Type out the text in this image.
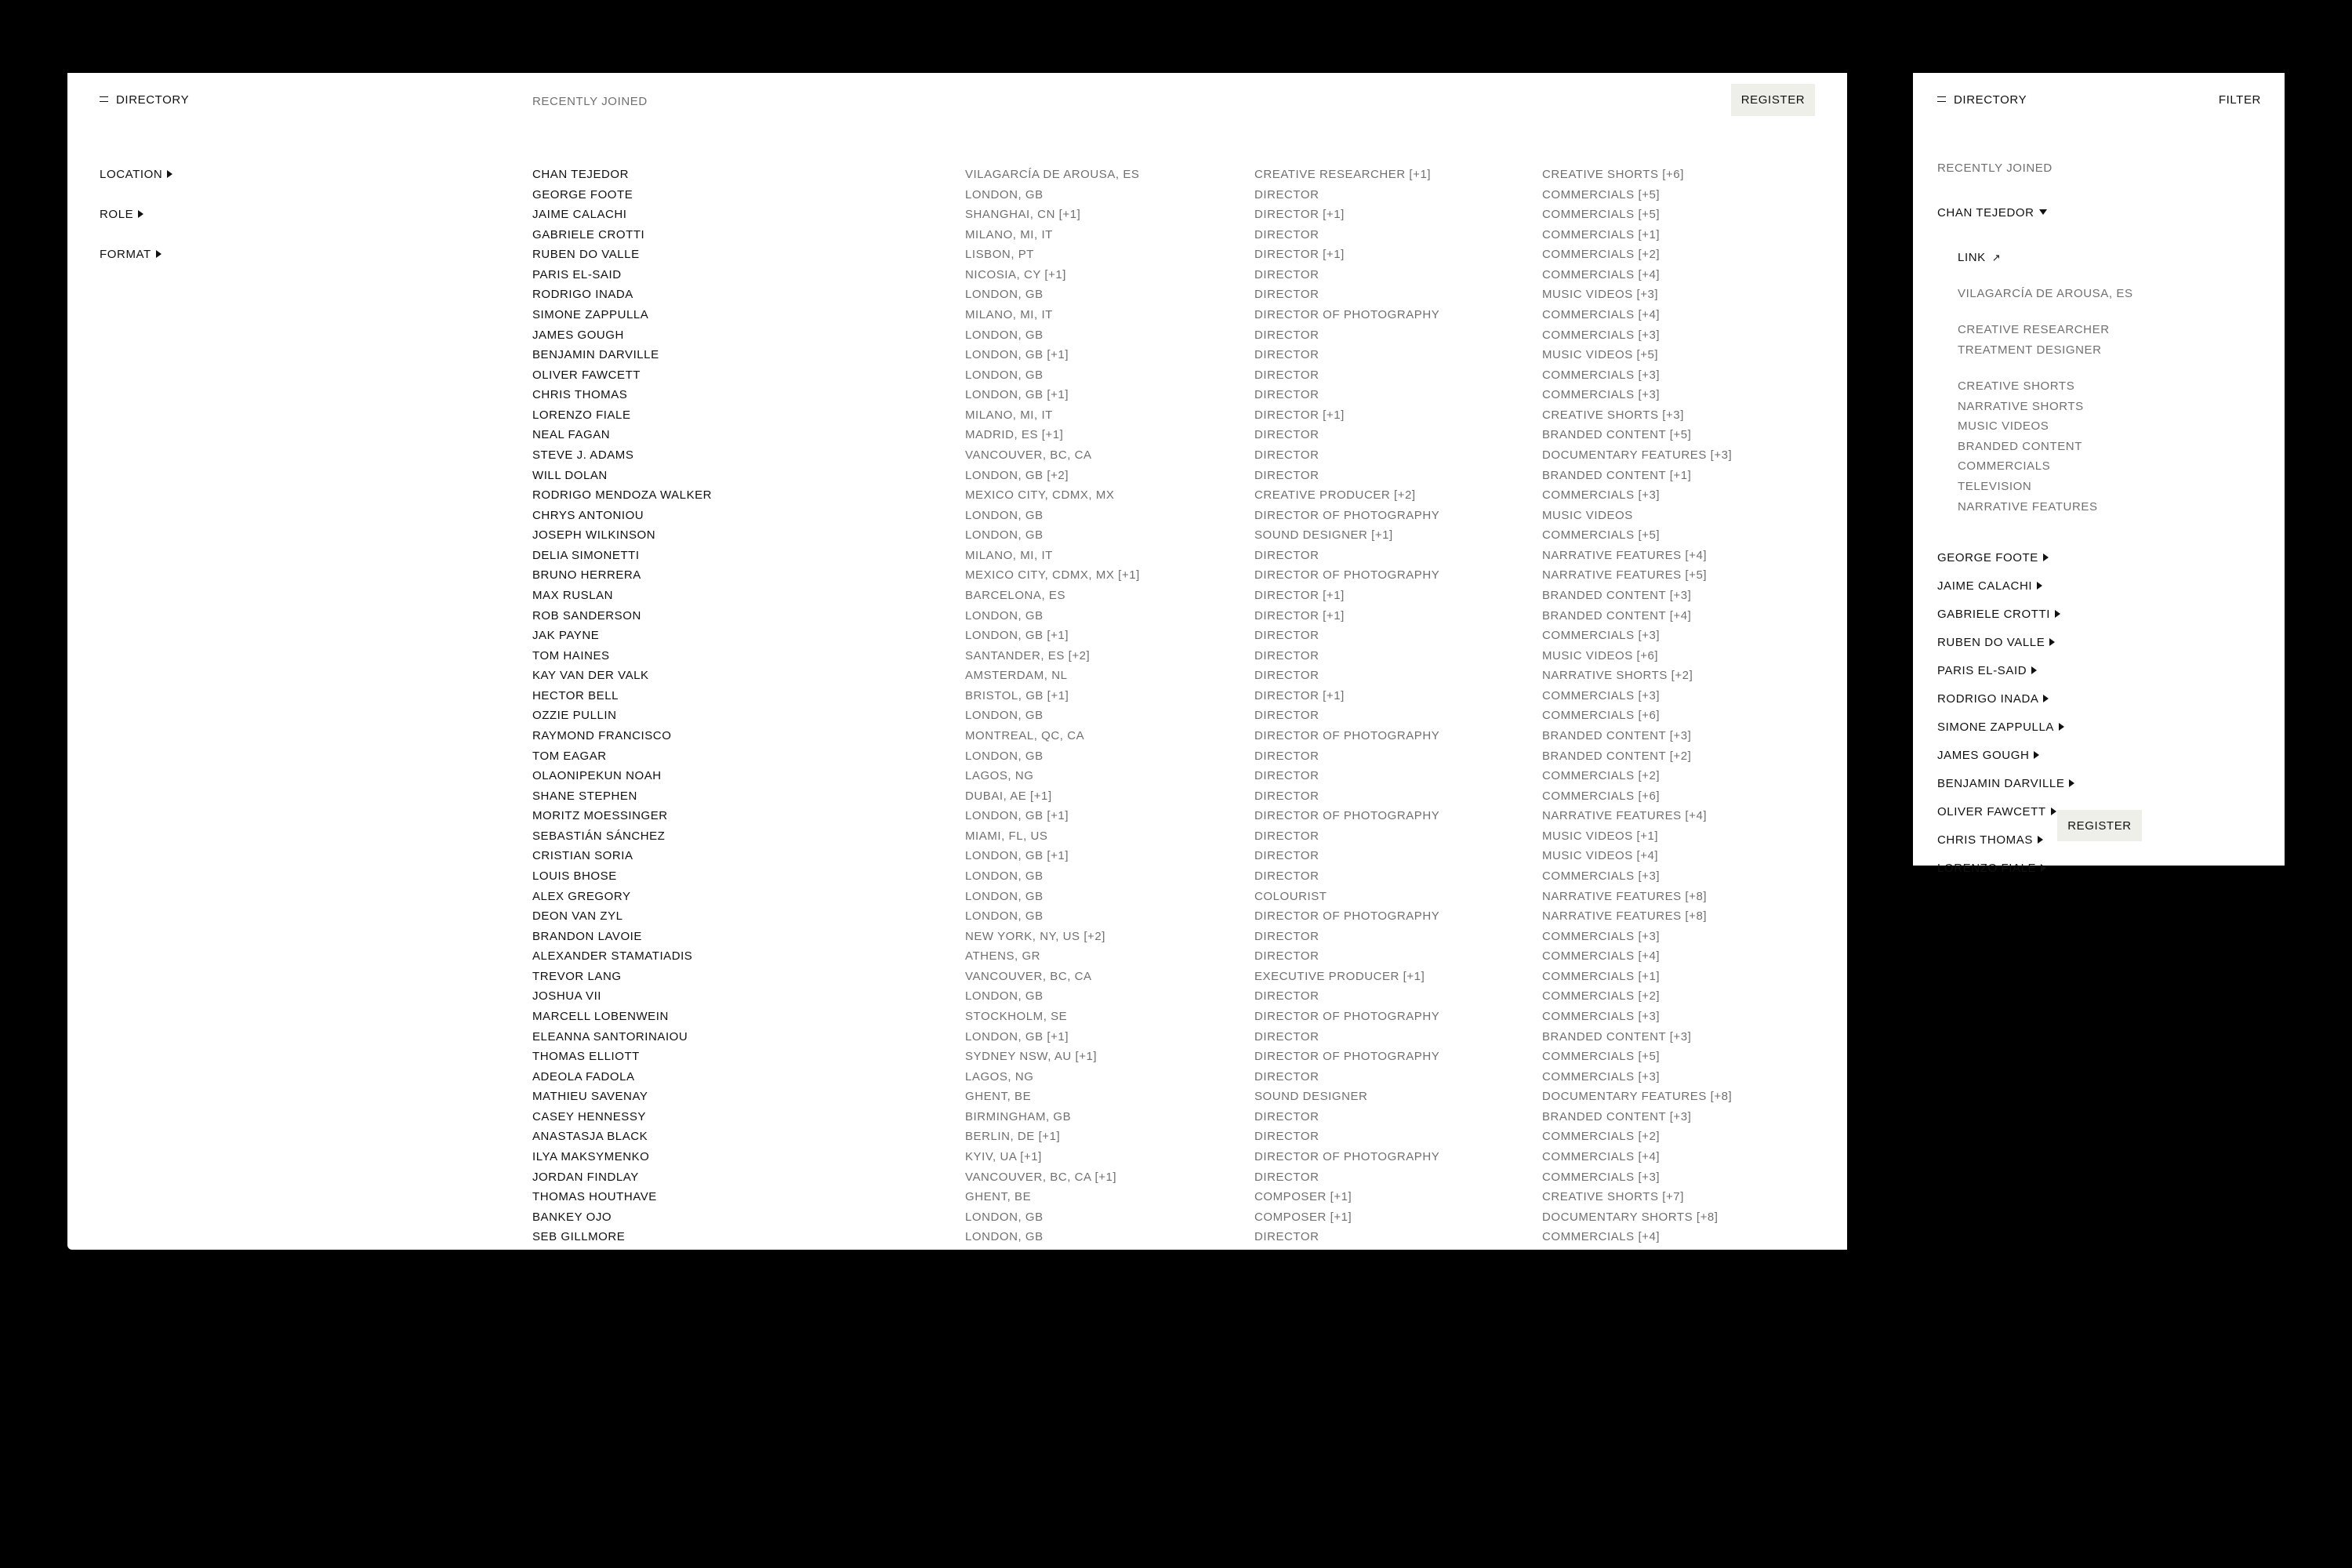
DIRECTORY	RECENTLY JOINED	REGISTER
LOCATION
ROLE
FORMAT
CHAN TEJEDOR	VILAGARCÍA DE AROUSA, ES	CREATIVE RESEARCHER [+1]	CREATIVE SHORTS [+6]
GEORGE FOOTE	LONDON, GB	DIRECTOR	COMMERCIALS [+5]
JAIME CALACHI	SHANGHAI, CN [+1]	DIRECTOR [+1]	COMMERCIALS [+5]
GABRIELE CROTTI	MILANO, MI, IT	DIRECTOR	COMMERCIALS [+1]
RUBEN DO VALLE	LISBON, PT	DIRECTOR [+1]	COMMERCIALS [+2]
PARIS EL-SAID	NICOSIA, CY [+1]	DIRECTOR	COMMERCIALS [+4]
RODRIGO INADA	LONDON, GB	DIRECTOR	MUSIC VIDEOS [+3]
SIMONE ZAPPULLA	MILANO, MI, IT	DIRECTOR OF PHOTOGRAPHY	COMMERCIALS [+4]
JAMES GOUGH	LONDON, GB	DIRECTOR	COMMERCIALS [+3]
BENJAMIN DARVILLE	LONDON, GB [+1]	DIRECTOR	MUSIC VIDEOS [+5]
OLIVER FAWCETT	LONDON, GB	DIRECTOR	COMMERCIALS [+3]
CHRIS THOMAS	LONDON, GB [+1]	DIRECTOR	COMMERCIALS [+3]
LORENZO FIALE	MILANO, MI, IT	DIRECTOR [+1]	CREATIVE SHORTS [+3]
NEAL FAGAN	MADRID, ES [+1]	DIRECTOR	BRANDED CONTENT [+5]
STEVE J. ADAMS	VANCOUVER, BC, CA	DIRECTOR	DOCUMENTARY FEATURES [+3]
WILL DOLAN	LONDON, GB [+2]	DIRECTOR	BRANDED CONTENT [+1]
RODRIGO MENDOZA WALKER	MEXICO CITY, CDMX, MX	CREATIVE PRODUCER [+2]	COMMERCIALS [+3]
CHRYS ANTONIOU	LONDON, GB	DIRECTOR OF PHOTOGRAPHY	MUSIC VIDEOS
JOSEPH WILKINSON	LONDON, GB	SOUND DESIGNER [+1]	COMMERCIALS [+5]
DELIA SIMONETTI	MILANO, MI, IT	DIRECTOR	NARRATIVE FEATURES [+4]
BRUNO HERRERA	MEXICO CITY, CDMX, MX [+1]	DIRECTOR OF PHOTOGRAPHY	NARRATIVE FEATURES [+5]
MAX RUSLAN	BARCELONA, ES	DIRECTOR [+1]	BRANDED CONTENT [+3]
ROB SANDERSON	LONDON, GB	DIRECTOR [+1]	BRANDED CONTENT [+4]
JAK PAYNE	LONDON, GB [+1]	DIRECTOR	COMMERCIALS [+3]
TOM HAINES	SANTANDER, ES [+2]	DIRECTOR	MUSIC VIDEOS [+6]
KAY VAN DER VALK	AMSTERDAM, NL	DIRECTOR	NARRATIVE SHORTS [+2]
HECTOR BELL	BRISTOL, GB [+1]	DIRECTOR [+1]	COMMERCIALS [+3]
OZZIE PULLIN	LONDON, GB	DIRECTOR	COMMERCIALS [+6]
RAYMOND FRANCISCO	MONTREAL, QC, CA	DIRECTOR OF PHOTOGRAPHY	BRANDED CONTENT [+3]
TOM EAGAR	LONDON, GB	DIRECTOR	BRANDED CONTENT [+2]
OLAONIPEKUN NOAH	LAGOS, NG	DIRECTOR	COMMERCIALS [+2]
SHANE STEPHEN	DUBAI, AE [+1]	DIRECTOR	COMMERCIALS [+6]
MORITZ MOESSINGER	LONDON, GB [+1]	DIRECTOR OF PHOTOGRAPHY	NARRATIVE FEATURES [+4]
SEBASTIÁN SÁNCHEZ	MIAMI, FL, US	DIRECTOR	MUSIC VIDEOS [+1]
CRISTIAN SORIA	LONDON, GB [+1]	DIRECTOR	MUSIC VIDEOS [+4]
LOUIS BHOSE	LONDON, GB	DIRECTOR	COMMERCIALS [+3]
ALEX GREGORY	LONDON, GB	COLOURIST	NARRATIVE FEATURES [+8]
DEON VAN ZYL	LONDON, GB	DIRECTOR OF PHOTOGRAPHY	NARRATIVE FEATURES [+8]
BRANDON LAVOIE	NEW YORK, NY, US [+2]	DIRECTOR	COMMERCIALS [+3]
ALEXANDER STAMATIADIS	ATHENS, GR	DIRECTOR	COMMERCIALS [+4]
TREVOR LANG	VANCOUVER, BC, CA	EXECUTIVE PRODUCER [+1]	COMMERCIALS [+1]
JOSHUA VII	LONDON, GB	DIRECTOR	COMMERCIALS [+2]
MARCELL LOBENWEIN	STOCKHOLM, SE	DIRECTOR OF PHOTOGRAPHY	COMMERCIALS [+3]
ELEANNA SANTORINAIOU	LONDON, GB [+1]	DIRECTOR	BRANDED CONTENT [+3]
THOMAS ELLIOTT	SYDNEY NSW, AU [+1]	DIRECTOR OF PHOTOGRAPHY	COMMERCIALS [+5]
ADEOLA FADOLA	LAGOS, NG	DIRECTOR	COMMERCIALS [+3]
MATHIEU SAVENAY	GHENT, BE	SOUND DESIGNER	DOCUMENTARY FEATURES [+8]
CASEY HENNESSY	BIRMINGHAM, GB	DIRECTOR	BRANDED CONTENT [+3]
ANASTASJA BLACK	BERLIN, DE [+1]	DIRECTOR	COMMERCIALS [+2]
ILYA MAKSYMENKO	KYIV, UA [+1]	DIRECTOR OF PHOTOGRAPHY	COMMERCIALS [+4]
JORDAN FINDLAY	VANCOUVER, BC, CA [+1]	DIRECTOR	COMMERCIALS [+3]
THOMAS HOUTHAVE	GHENT, BE	COMPOSER [+1]	CREATIVE SHORTS [+7]
BANKEY OJO	LONDON, GB	COMPOSER [+1]	DOCUMENTARY SHORTS [+8]
SEB GILLMORE	LONDON, GB	DIRECTOR	COMMERCIALS [+4]
DIRECTORY	FILTER
RECENTLY JOINED
CHAN TEJEDOR
LINK ↗
VILAGARCÍA DE AROUSA, ES
CREATIVE RESEARCHER
TREATMENT DESIGNER
CREATIVE SHORTS
NARRATIVE SHORTS
MUSIC VIDEOS
BRANDED CONTENT
COMMERCIALS
TELEVISION
NARRATIVE FEATURES
GEORGE FOOTE
JAIME CALACHI
GABRIELE CROTTI
RUBEN DO VALLE
PARIS EL-SAID
RODRIGO INADA
SIMONE ZAPPULLA
JAMES GOUGH
BENJAMIN DARVILLE
OLIVER FAWCETT
CHRIS THOMAS
LORENZO FIALE
REGISTER
